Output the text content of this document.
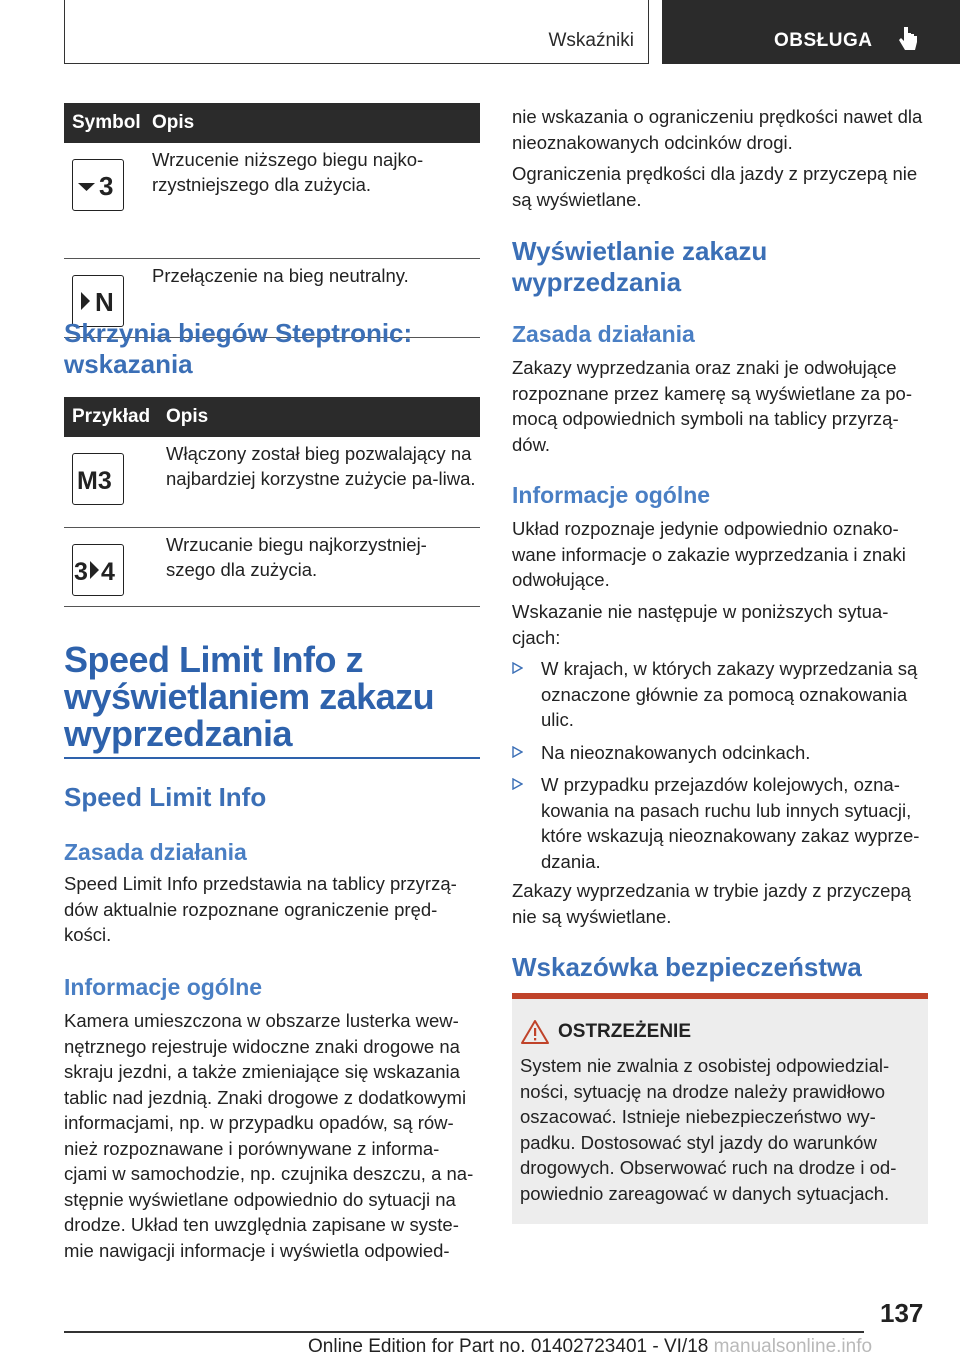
Wskaźniki	OBSŁUGA
Symbol	Opis

3	Wrzucenie niższego biegu najko-rzystniejszego dla zużycia.

N	Przełączenie na bieg neutralny.
Skrzynia biegów Steptronic: wskazania
Przykład	Opis

M3	Włączony został bieg pozwalający na najbardziej korzystne zużycie pa-liwa.

3 4	Wrzucanie biegu najkorzystniej-szego dla zużycia.
Speed Limit Info z wyświetlaniem zakazu wyprzedzania
Speed Limit Info
Zasada działania

Speed Limit Info przedstawia na tablicy przyrzą-dów aktualnie rozpoznane ograniczenie pręd-kości.

Informacje ogólne

Kamera umieszczona w obszarze lusterka wew-nętrznego rejestruje widoczne znaki drogowe na skraju jezdni, a także zmieniające się wskazania tablic nad jezdnią. Znaki drogowe z dodatkowymi informacjami, np. w przypadku opadów, są rów-nież rozpoznawane i porównywane z informa-cjami w samochodzie, np. czujnika deszczu, a na-stępnie wyświetlane odpowiednio do sytuacji na drodze. Układ ten uwzględnia zapisane w syste-mie nawigacji informacje i wyświetla odpowied-

nie wskazania o ograniczeniu prędkości nawet dla nieoznakowanych odcinków drogi.

Ograniczenia prędkości dla jazdy z przyczepą nie są wyświetlane.

Wyświetlanie zakazu wyprzedzania
Zasada działania

Zakazy wyprzedzania oraz znaki je odwołujące rozpoznane przez kamerę są wyświetlane za po-mocą odpowiednich symboli na tablicy przyrzą-dów.

Informacje ogólne

Układ rozpoznaje jedynie odpowiednio oznako-wane informacje o zakazie wyprzedzania i znaki odwołujące.

Wskazanie nie następuje w poniższych sytua-cjach:

W krajach, w których zakazy wyprzedzania są oznaczone głównie za pomocą oznakowania ulic.
Na nieoznakowanych odcinkach.
W przypadku przejazdów kolejowych, ozna-kowania na pasach ruchu lub innych sytuacji, które wskazują nieoznakowany zakaz wyprze-dzania.

Zakazy wyprzedzania w trybie jazdy z przyczepą nie są wyświetlane.

Wskazówka bezpieczeństwa
OSTRZEŻENIE

System nie zwalnia z osobistej odpowiedzial-ności, sytuację na drodze należy prawidłowo oszacować. Istnieje niebezpieczeństwo wy-padku. Dostosować styl jazdy do warunków drogowych. Obserwować ruch na drodze i od-powiednio zareagować w danych sytuacjach.

137
Online Edition for Part no. 01402723401 - VI/18 manualsonline.info
